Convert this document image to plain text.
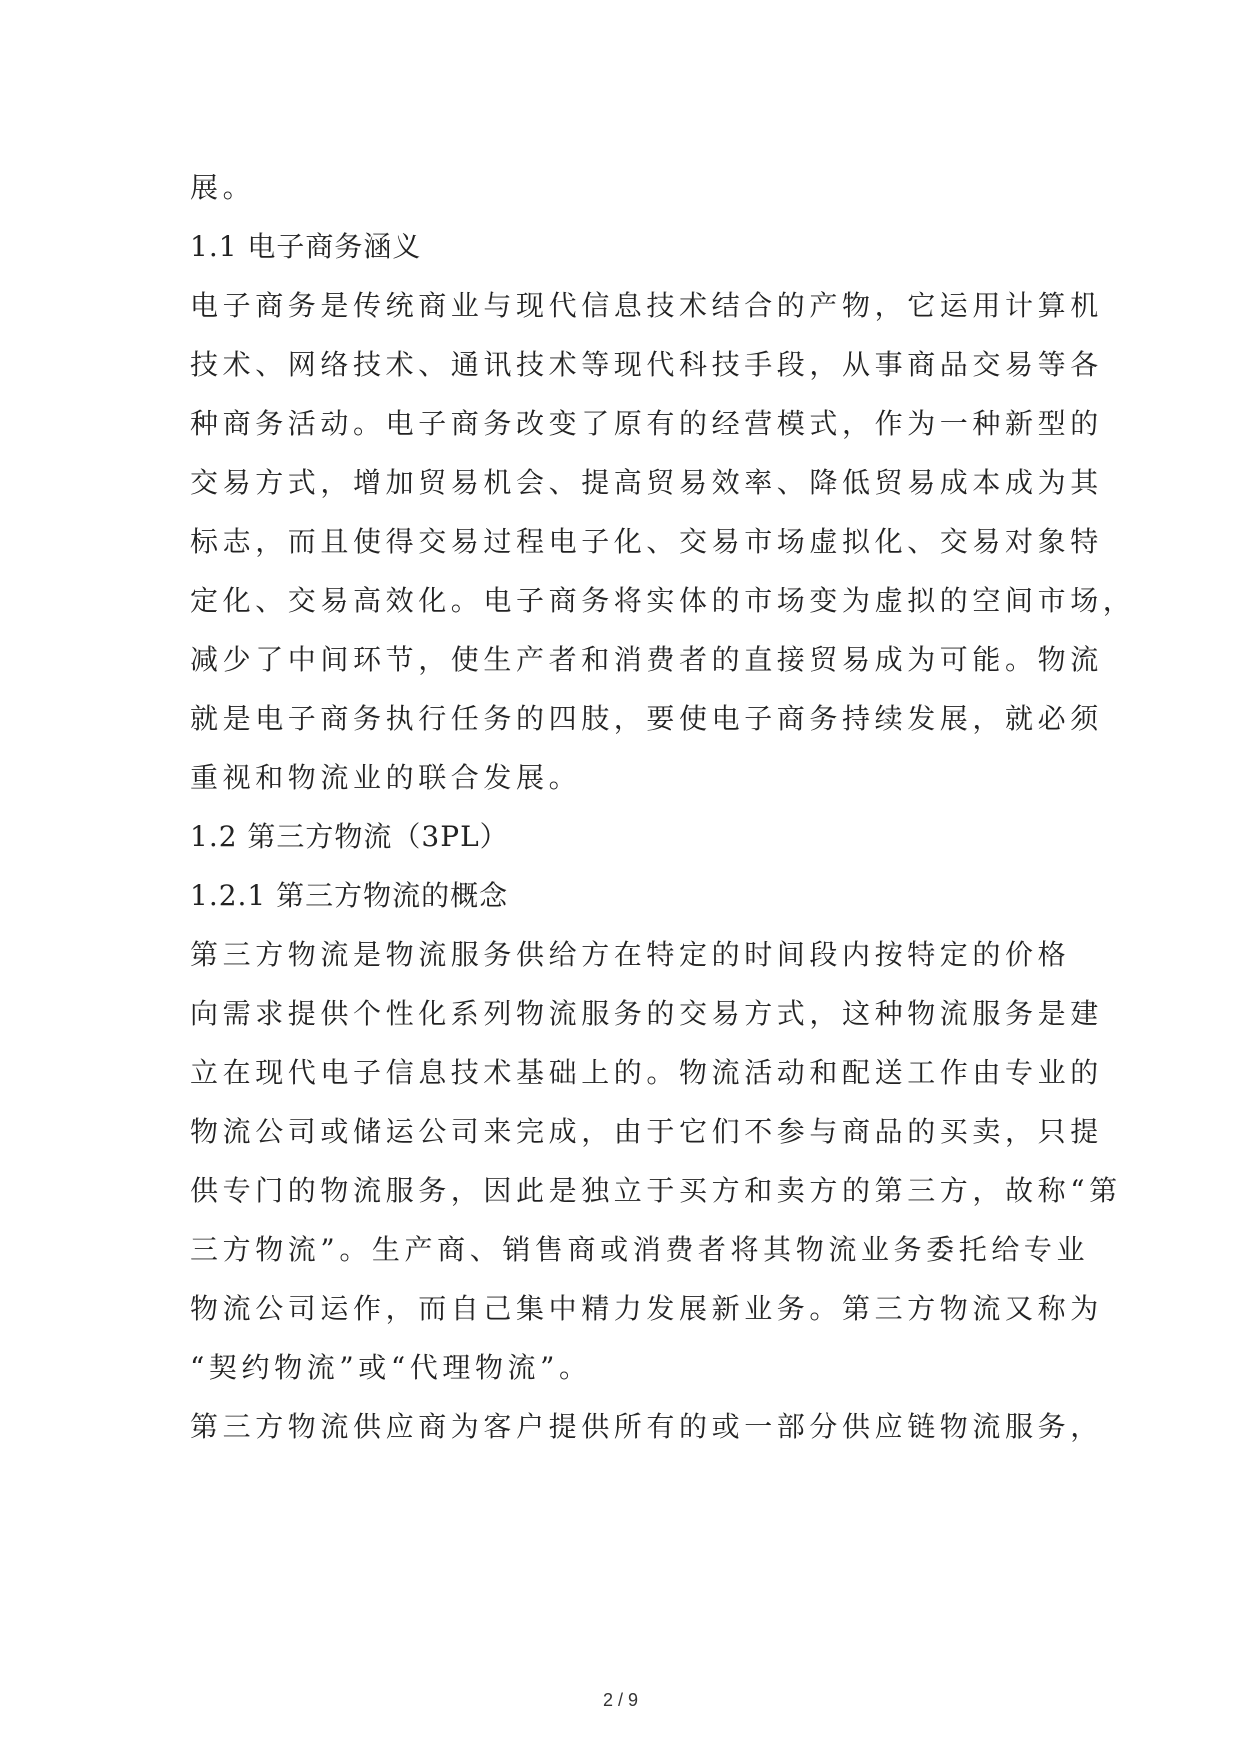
展。
1.1 电子商务涵义
电子商务是传统商业与现代信息技术结合的产物，它运用计算机
技术、网络技术、通讯技术等现代科技手段，从事商品交易等各
种商务活动。电子商务改变了原有的经营模式，作为一种新型的
交易方式，增加贸易机会、提高贸易效率、降低贸易成本成为其
标志，而且使得交易过程电子化、交易市场虚拟化、交易对象特
定化、交易高效化。电子商务将实体的市场变为虚拟的空间市场，
减少了中间环节，使生产者和消费者的直接贸易成为可能。物流
就是电子商务执行任务的四肢，要使电子商务持续发展，就必须
重视和物流业的联合发展。
1.2 第三方物流（3PL）
1.2.1 第三方物流的概念
第三方物流是物流服务供给方在特定的时间段内按特定的价格
向需求提供个性化系列物流服务的交易方式，这种物流服务是建
立在现代电子信息技术基础上的。物流活动和配送工作由专业的
物流公司或储运公司来完成，由于它们不参与商品的买卖，只提
供专门的物流服务，因此是独立于买方和卖方的第三方，故称“第
三方物流”。生产商、销售商或消费者将其物流业务委托给专业
物流公司运作，而自己集中精力发展新业务。第三方物流又称为
“契约物流”或“代理物流”。
第三方物流供应商为客户提供所有的或一部分供应链物流服务，
2 / 9
